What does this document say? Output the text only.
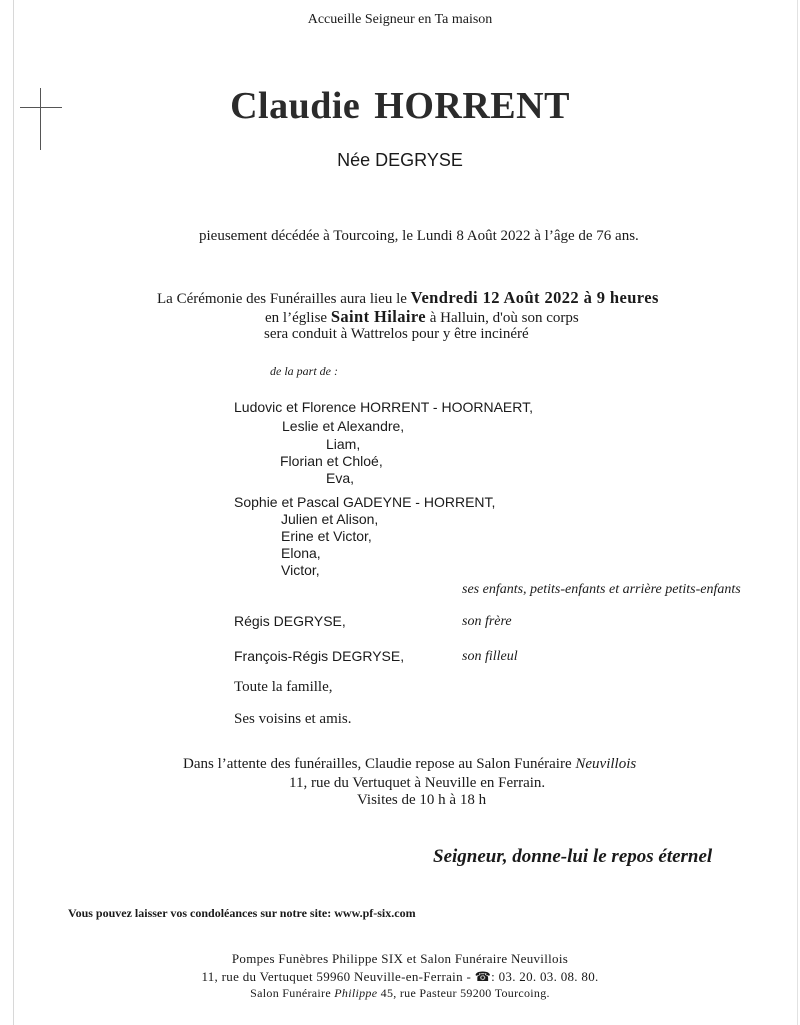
Accueille Seigneur en Ta maison
Claudie HORRENT
Née DEGRYSE
pieusement décédée à Tourcoing, le Lundi 8 Août 2022 à l’âge de 76 ans.
La Cérémonie des Funérailles aura lieu le Vendredi 12 Août 2022 à 9 heures
en l’église Saint Hilaire à Halluin, d'où son corps
sera conduit à Wattrelos pour y être incinéré
de la part de :
Ludovic et Florence HORRENT - HOORNAERT,
Leslie et Alexandre,
Liam,
Florian et Chloé,
Eva,
Sophie et Pascal GADEYNE - HORRENT,
Julien et Alison,
Erine et Victor,
Elona,
Victor,
ses enfants, petits-enfants et arrière petits-enfants
Régis DEGRYSE,	son frère
François-Régis DEGRYSE,	son filleul
Toute la famille,
Ses voisins et amis.
Dans l’attente des funérailles, Claudie repose au Salon Funéraire Neuvillois
11, rue du Vertuquet à Neuville en Ferrain.
Visites de 10 h à 18 h
Seigneur, donne-lui le repos éternel
Vous pouvez laisser vos condoléances sur notre site: www.pf-six.com
Pompes Funèbres Philippe SIX et Salon Funéraire Neuvillois
11, rue du Vertuquet 59960 Neuville-en-Ferrain - ☎: 03. 20. 03. 08. 80.
Salon Funéraire Philippe 45, rue Pasteur 59200 Tourcoing.
